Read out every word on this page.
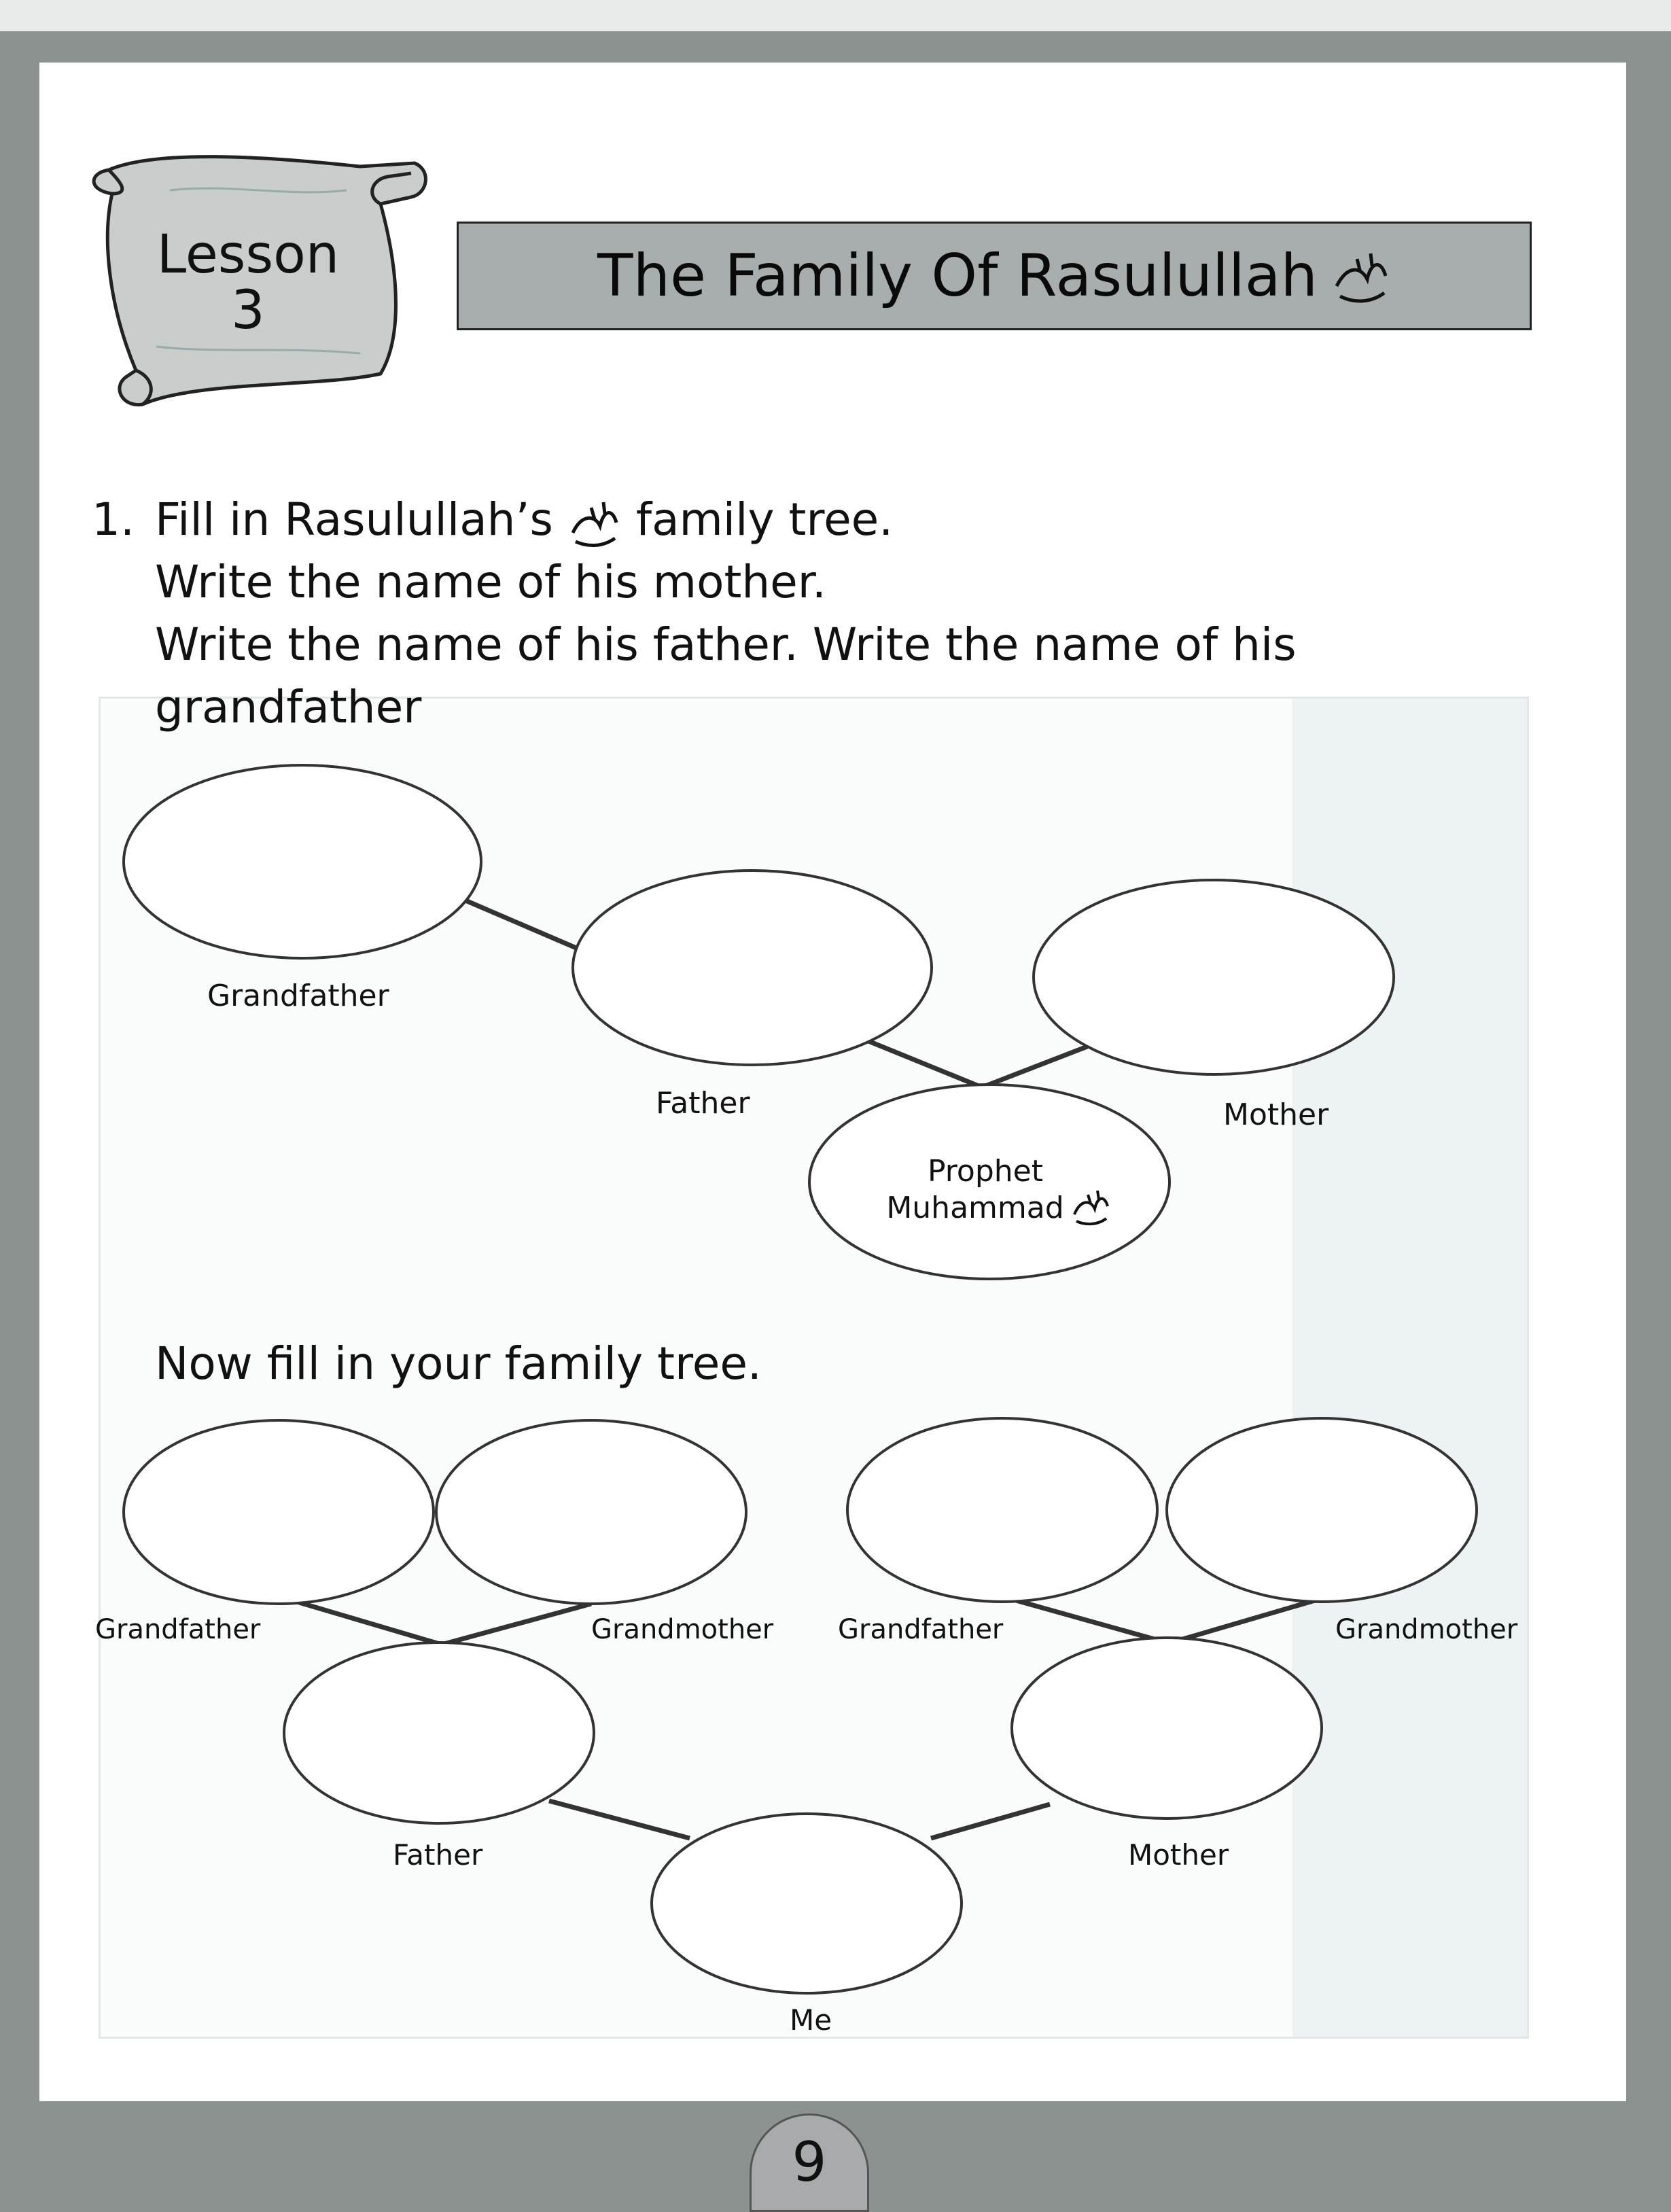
Lesson
3
The Family Of Rasulullah
1. Fill in Rasulullah’s family tree.
Write the name of his mother.
Write the name of his father. Write the name of his
grandfather
Grandfather
Father	Mother
Prophet
Muhammad
Now fill in your family tree.
Grandfather	Grandmother Grandfather	Grandmother
Father	Mother
Me
9
